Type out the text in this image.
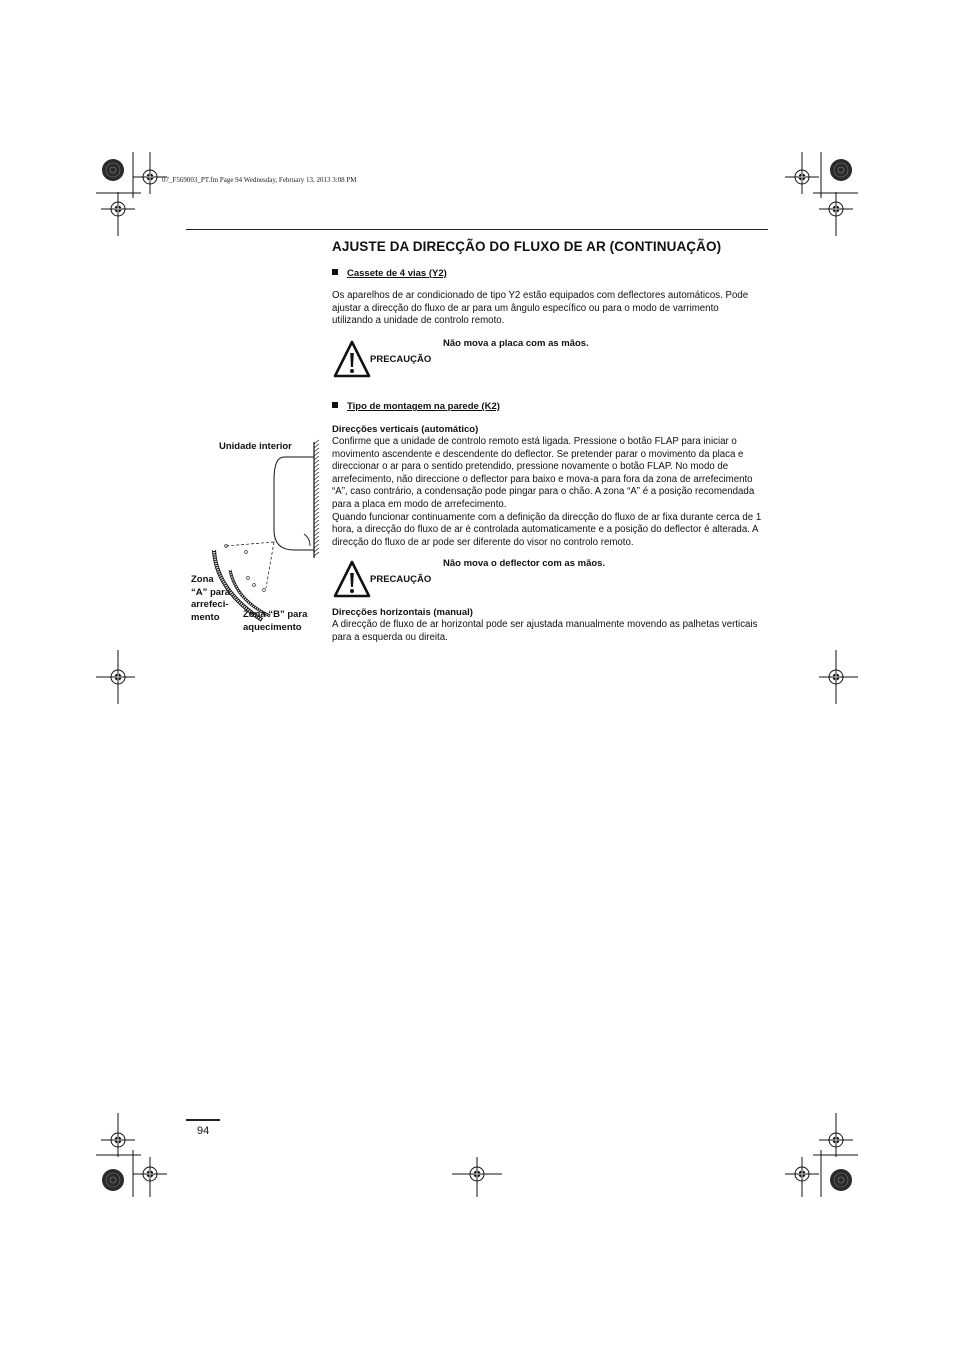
07_F569003_PT.fm Page 94 Wednesday, February 13, 2013 3:08 PM
AJUSTE DA DIRECÇÃO DO FLUXO DE AR (CONTINUAÇÃO)
Cassete de 4 vias (Y2)
Os aparelhos de ar condicionado de tipo Y2 estão equipados com deflectores automáticos. Pode ajustar a direcção do fluxo de ar para um ângulo específico ou para o modo de varrimento utilizando a unidade de controlo remoto.
Não mova a placa com as mãos.
PRECAUÇÃO
Tipo de montagem na parede (K2)
Direcções verticais (automático)
Confirme que a unidade de controlo remoto está ligada. Pressione o botão FLAP para iniciar o movimento ascendente e descendente do deflector. Se pretender parar o movimento da placa e direccionar o ar para o sentido pretendido, pressione novamente o botão FLAP. No modo de arrefecimento, não direccione o deflector para baixo e mova-a para fora da zona de arrefecimento “A”, caso contrário, a condensação pode pingar para o chão. A zona “A” é a posição recomendada para a placa em modo de arrefecimento.
Quando funcionar continuamente com a definição da direcção do fluxo de ar fixa durante cerca de 1 hora, a direcção do fluxo de ar é controlada automaticamente e a posição do deflector é alterada. A direcção do fluxo de ar pode ser diferente do visor no controlo remoto.
Não mova o deflector com as mãos.
PRECAUÇÃO
Direcções horizontais (manual)
A direcção de fluxo de ar horizontal pode ser ajustada manualmente movendo as palhetas verticais para a esquerda ou direita.
Unidade interior
Zona
“A” para
arrefeci-
mento	Zona “B” para
aquecimento
94
